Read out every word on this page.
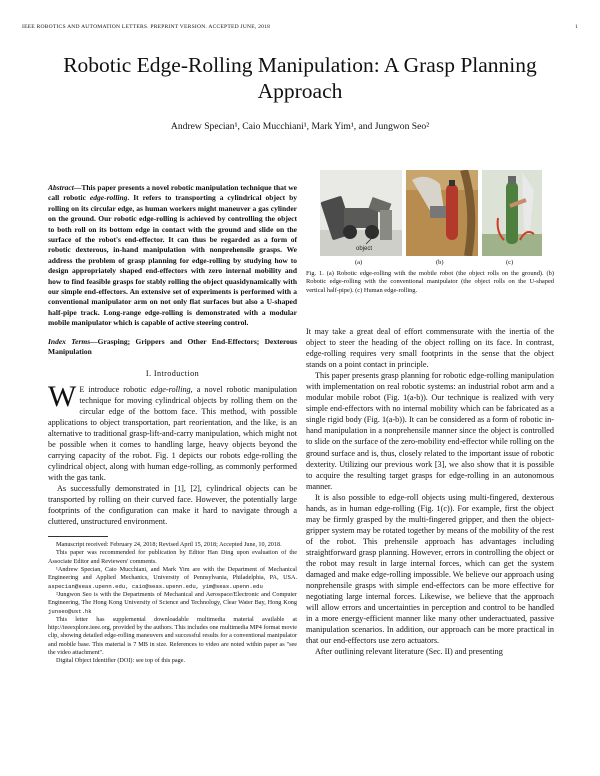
IEEE ROBOTICS AND AUTOMATION LETTERS. PREPRINT VERSION. ACCEPTED JUNE, 2018	1
Robotic Edge-Rolling Manipulation: A Grasp Planning Approach
Andrew Specian¹, Caio Mucchiani¹, Mark Yim¹, and Jungwon Seo²
Abstract—This paper presents a novel robotic manipulation technique that we call robotic edge-rolling. It refers to transporting a cylindrical object by rolling on its circular edge, as human workers might maneuver a gas cylinder on the ground. Our robotic edge-rolling is achieved by controlling the object to both roll on its bottom edge in contact with the ground and slide on the surface of the robot's end-effector. It can thus be regarded as a form of robotic dexterous, in-hand manipulation with nonprehensile grasps. We address the problem of grasp planning for edge-rolling by studying how to design appropriately shaped end-effectors with zero internal mobility and how to find feasible grasps for stably rolling the object quasidynamically with our simple end-effectors. An extensive set of experiments is performed with a conventional manipulator arm on not only flat surfaces but also a U-shaped half-pipe track. Long-range edge-rolling is demonstrated with a modular mobile manipulator which is capable of active steering control.
Index Terms—Grasping; Grippers and Other End-Effectors; Dexterous Manipulation
I. Introduction

W E introduce robotic edge-rolling, a novel robotic manipulation technique for moving cylindrical objects by rolling them on the circular edge of the bottom face. This method, with possible applications to object transportation, part reorientation, and the like, is an alternative to traditional grasp-lift-and-carry manipulation, which might not be possible when it comes to handling large, heavy objects beyond the carrying capacity of the robot. Fig. 1 depicts our robots edge-rolling the cylindrical object, along with human edge-rolling, as commonly performed with the gas tank.

As successfully demonstrated in [1], [2], cylindrical objects can be transported by rolling on their curved face. However, the potentially large footprints of the configuration can make it hard to navigate through a cluttered, unstructured environment.

Manuscript received: February 24, 2018; Revised April 15, 2018; Accepted June, 10, 2018.

This paper was recommended for publication by Editor Han Ding upon evaluation of the Associate Editor and Reviewers' comments.

¹Andrew Specian, Caio Mucchiani, and Mark Yim are with the Department of Mechanical Engineering and Applied Mechanics, University of Pennsylvania, Philadelphia, PA, USA. aspecian@seas.upenn.edu, caio@seas.upenn.edu, yim@seas.upenn.edu

²Jungwon Seo is with the Departments of Mechanical and Aerospace/Electronic and Computer Engineering, The Hong Kong University of Science and Technology, Clear Water Bay, Hong Kong junseo@ust.hk

This letter has supplemental downloadable multimedia material available at http://ieeexplore.ieee.org, provided by the authors. This includes one multimedia MP4 format movie clip, showing detailed edge-rolling maneuvers and successful results for a conventional manipulator and mobile base. This material is 7 MB in size. References to video are noted within paper as "see the video attachment".

Digital Object Identifier (DOI): see top of this page.

object
(a)	(b)	(c)
Fig. 1. (a) Robotic edge-rolling with the mobile robot (the object rolls on the ground). (b) Robotic edge-rolling with the conventional manipulator (the object rolls on the U-shaped vertical half-pipe). (c) Human edge-rolling.

It may take a great deal of effort commensurate with the inertia of the object to steer the heading of the object rolling on its face. In contrast, edge-rolling requires very small footprints in the sense that the object stands on a point contact in principle.

This paper presents grasp planning for robotic edge-rolling manipulation with implementation on real robotic systems: an industrial robot arm and a modular mobile robot (Fig. 1(a-b)). Our technique is realized with very simple end-effectors with no internal mobility which can be fabricated as a single rigid body (Fig. 1(a-b)). It can be considered as a form of robotic in-hand manipulation in a nonprehensile manner since the object is controlled to slide on the surface of the zero-mobility end-effector while rolling on the ground surface and is, thus, closely related to the important issue of robotic dexterity. Utilizing our previous work [3], we also show that it is possible to acquire the resulting target grasps for edge-rolling in an autonomous manner.

It is also possible to edge-roll objects using multi-fingered, dexterous hands, as in human edge-rolling (Fig. 1(c)). For example, first the object may be firmly grasped by the multi-fingered gripper, and then the object-gripper system may be rotated together by means of the mobility of the rest of the robot. This prehensile approach has advantages including straightforward grasp planning. However, errors in controlling the object or the robot may result in large internal forces, which can get the system damaged and make edge-rolling impossible. We believe our approach using nonprehensile grasps with simple end-effectors can be more effective for negotiating large internal forces. Likewise, we believe that the approach will allow errors and uncertainties in perception and control to be handled in a more energy-efficient manner like many other underactuated, passive manipulation scenarios. In addition, our approach can be more practical in that our end-effectors use zero actuators.

After outlining relevant literature (Sec. II) and presenting
